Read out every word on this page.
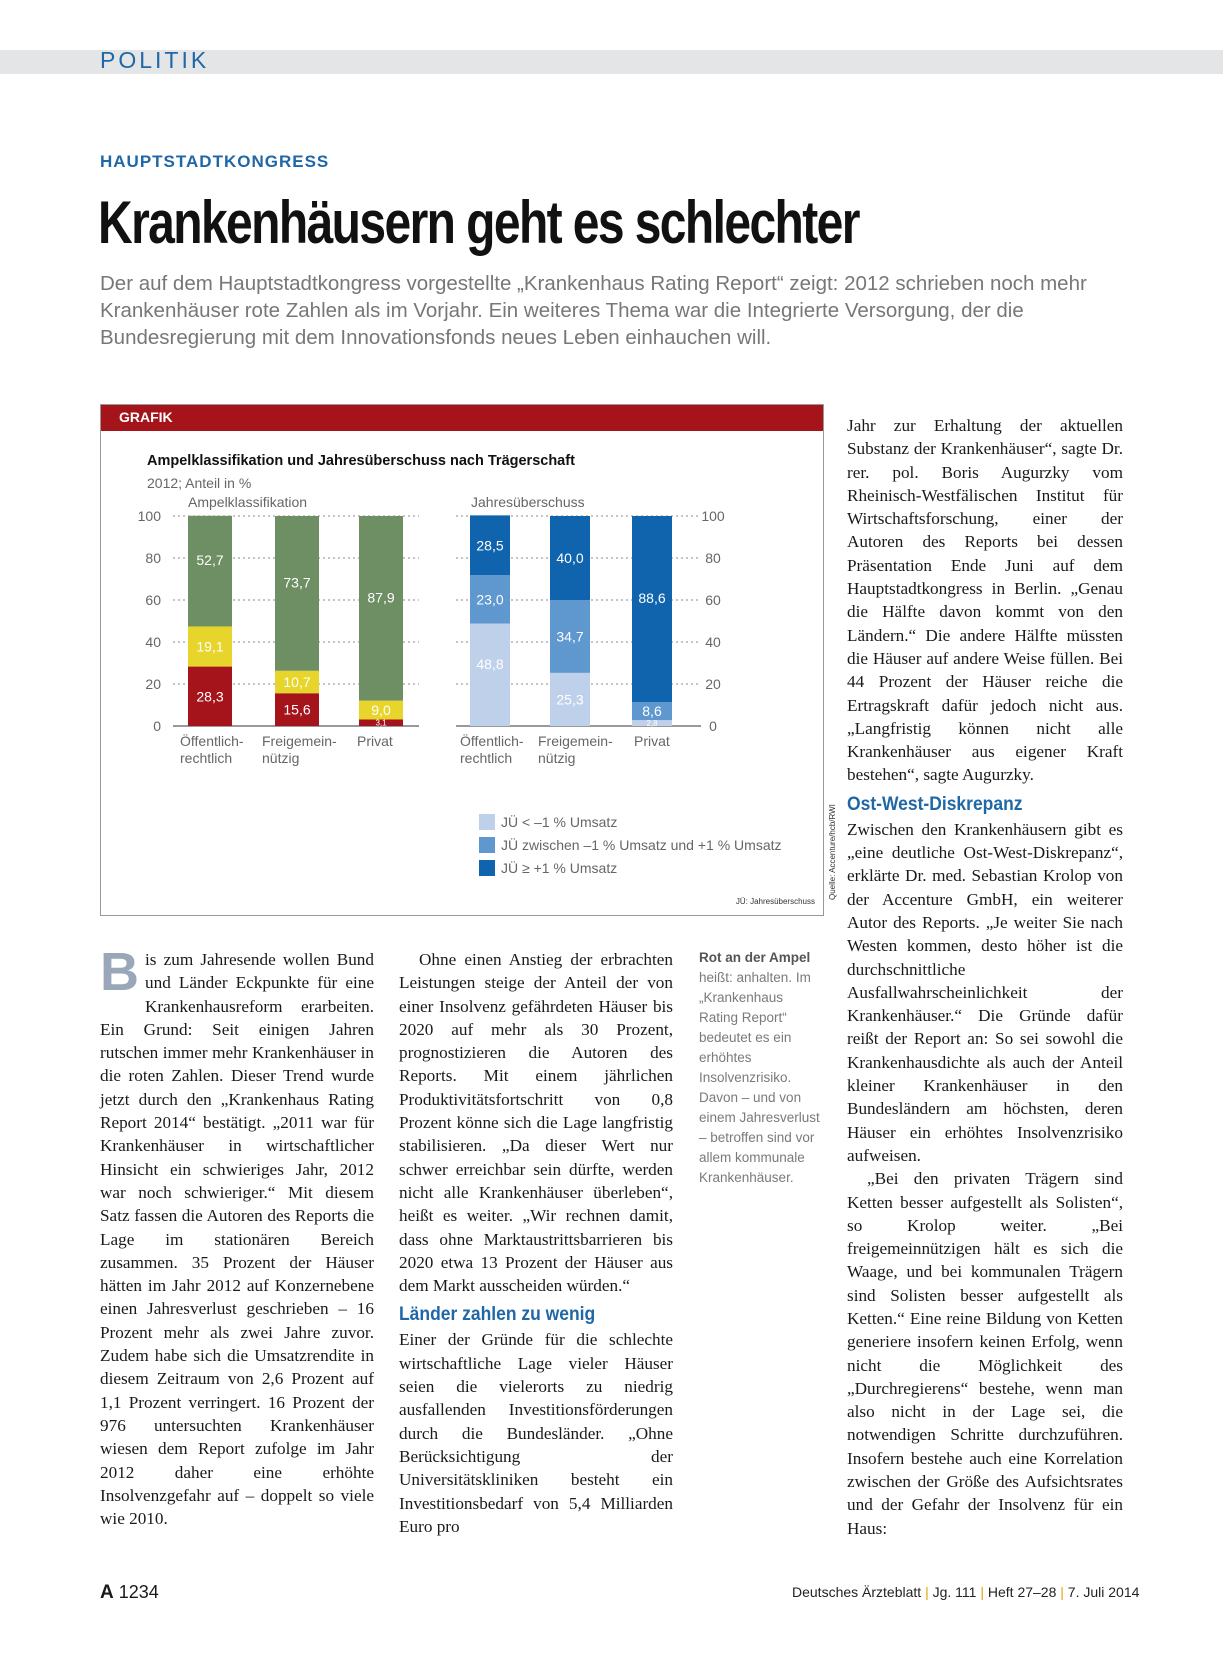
POLITIK
HAUPTSTADTKONGRESS
Krankenhäusern geht es schlechter
Der auf dem Hauptstadtkongress vorgestellte „Krankenhaus Rating Report“ zeigt: 2012 schrieben noch mehr Krankenhäuser rote Zahlen als im Vorjahr. Ein weiteres Thema war die Integrierte Versorgung, der die Bundesregierung mit dem Innovationsfonds neues Leben einhauchen will.
GRAFIK
Ampelklassifikation und Jahresüberschuss nach Trägerschaft
2012; Anteil in %
0
20
40
60
80
100
28,3
19,1
52,7
15,6
10,7
73,7
3,1
9,0
87,9
0
20
40
60
80
100
48,8
23,0
28,5
25,3
34,7
40,0
2,8
8,6
88,6
Ampelklassifikation	Jahresüberschuss
Öffentlich-
rechtlich
Freigemein-
nützig
Privat	Öffentlich-
rechtlich
Freigemein-
nützig
Privat
JÜ < –1 % Umsatz
JÜ zwischen –1 % Umsatz und +1 % Umsatz
JÜ ≥ +1 % Umsatz
JÜ: Jahresüberschuss
Quelle: Accenture/hcb/RWI

Bis zum Jahresende wollen Bund und Länder Eckpunkte für eine Krankenhausreform erarbeiten. Ein Grund: Seit einigen Jahren rutschen immer mehr Krankenhäuser in die roten Zahlen. Dieser Trend wurde jetzt durch den „Krankenhaus Rating Report 2014“ bestätigt. „2011 war für Krankenhäuser in wirtschaftlicher Hinsicht ein schwieriges Jahr, 2012 war noch schwieriger.“ Mit diesem Satz fassen die Autoren des Reports die Lage im stationären Bereich zusammen. 35 Prozent der Häuser hätten im Jahr 2012 auf Konzernebene einen Jahresverlust geschrieben – 16 Prozent mehr als zwei Jahre zuvor. Zudem habe sich die Umsatzrendite in diesem Zeitraum von 2,6 Prozent auf 1,1 Prozent verringert. 16 Prozent der 976 untersuchten Krankenhäuser wiesen dem Report zufolge im Jahr 2012 daher eine erhöhte Insolvenzgefahr auf – doppelt so viele wie 2010.

Ohne einen Anstieg der erbrachten Leistungen steige der Anteil der von einer Insolvenz gefährdeten Häuser bis 2020 auf mehr als 30 Prozent, prognostizieren die Autoren des Reports. Mit einem jährlichen Produktivitätsfortschritt von 0,8 Prozent könne sich die Lage langfristig stabilisieren. „Da dieser Wert nur schwer erreichbar sein dürfte, werden nicht alle Krankenhäuser überleben“, heißt es weiter. „Wir rechnen damit, dass ohne Marktaustrittsbarrieren bis 2020 etwa 13 Prozent der Häuser aus dem Markt ausscheiden würden.“

Länder zahlen zu wenig

Einer der Gründe für die schlechte wirtschaftliche Lage vieler Häuser seien die vielerorts zu niedrig ausfallenden Investitionsförderungen durch die Bundesländer. „Ohne Berücksichtigung der Universitätskliniken besteht ein Investitionsbedarf von 5,4 Milliarden Euro pro

Rot an der Ampel
heißt: anhalten. Im „Krankenhaus Rating Report“ bedeutet es ein erhöhtes Insolvenzrisiko. Davon – und von einem Jahresverlust – betroffen sind vor allem kommunale Krankenhäuser.

Jahr zur Erhaltung der aktuellen Substanz der Krankenhäuser“, sagte Dr. rer. pol. Boris Augurzky vom Rheinisch-Westfälischen Institut für Wirtschaftsforschung, einer der Autoren des Reports bei dessen Präsentation Ende Juni auf dem Hauptstadtkongress in Berlin. „Genau die Hälfte davon kommt von den Ländern.“ Die andere Hälfte müssten die Häuser auf andere Weise füllen. Bei 44 Prozent der Häuser reiche die Ertragskraft dafür jedoch nicht aus. „Langfristig können nicht alle Krankenhäuser aus eigener Kraft bestehen“, sagte Augurzky.

Ost-West-Diskrepanz

Zwischen den Krankenhäusern gibt es „eine deutliche Ost-West-Diskrepanz“, erklärte Dr. med. Sebastian Krolop von der Accenture GmbH, ein weiterer Autor des Reports. „Je weiter Sie nach Westen kommen, desto höher ist die durchschnittliche Ausfallwahrscheinlichkeit der Krankenhäuser.“ Die Gründe dafür reißt der Report an: So sei sowohl die Krankenhausdichte als auch der Anteil kleiner Krankenhäuser in den Bundesländern am höchsten, deren Häuser ein erhöhtes Insolvenzrisiko aufweisen.

„Bei den privaten Trägern sind Ketten besser aufgestellt als Solisten“, so Krolop weiter. „Bei freigemeinnützigen hält es sich die Waage, und bei kommunalen Trägern sind Solisten besser aufgestellt als Ketten.“ Eine reine Bildung von Ketten generiere insofern keinen Erfolg, wenn nicht die Möglichkeit des „Durchregierens“ bestehe, wenn man also nicht in der Lage sei, die notwendigen Schritte durchzuführen. Insofern bestehe auch eine Korrelation zwischen der Größe des Aufsichtsrates und der Gefahr der Insolvenz für ein Haus:

A 1234	Deutsches Ärzteblatt | Jg. 111 | Heft 27–28 | 7. Juli 2014
